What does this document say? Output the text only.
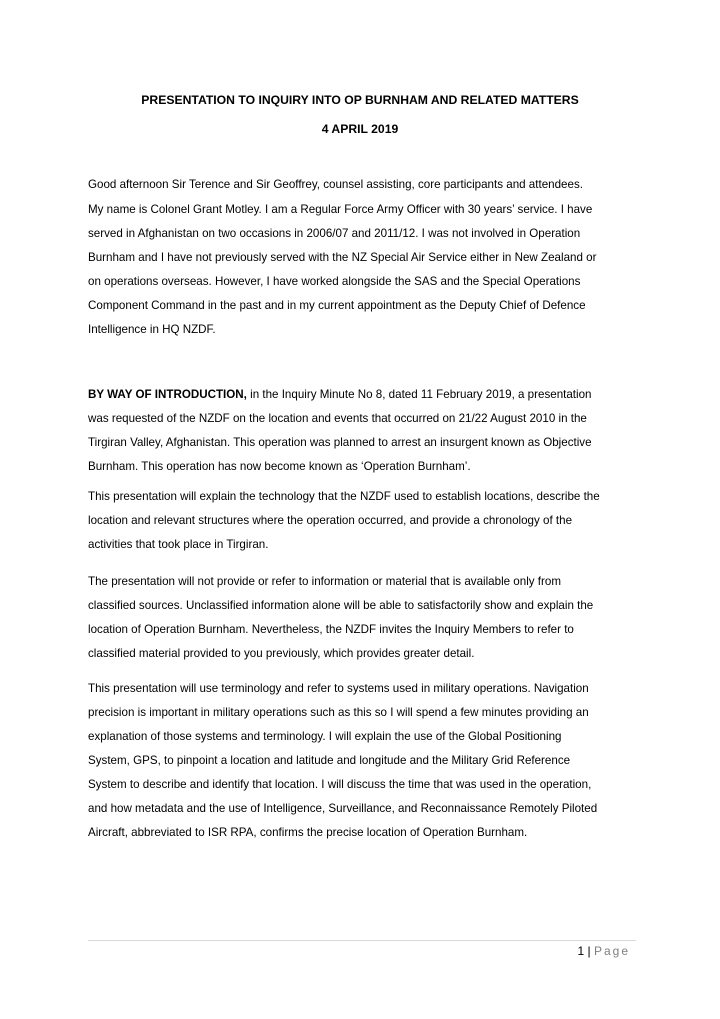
PRESENTATION TO INQUIRY INTO OP BURNHAM AND RELATED MATTERS
4 APRIL 2019
Good afternoon Sir Terence and Sir Geoffrey, counsel assisting, core participants and attendees.
My name is Colonel Grant Motley. I am a Regular Force Army Officer with 30 years’ service. I have
served in Afghanistan on two occasions in 2006/07 and 2011/12. I was not involved in Operation
Burnham and I have not previously served with the NZ Special Air Service either in New Zealand or
on operations overseas. However, I have worked alongside the SAS and the Special Operations
Component Command in the past and in my current appointment as the Deputy Chief of Defence
Intelligence in HQ NZDF.
BY WAY OF INTRODUCTION, in the Inquiry Minute No 8, dated 11 February 2019, a presentation
was requested of the NZDF on the location and events that occurred on 21/22 August 2010 in the
Tirgiran Valley, Afghanistan. This operation was planned to arrest an insurgent known as Objective
Burnham. This operation has now become known as ‘Operation Burnham’.
This presentation will explain the technology that the NZDF used to establish locations, describe the
location and relevant structures where the operation occurred, and provide a chronology of the
activities that took place in Tirgiran.
The presentation will not provide or refer to information or material that is available only from
classified sources. Unclassified information alone will be able to satisfactorily show and explain the
location of Operation Burnham. Nevertheless, the NZDF invites the Inquiry Members to refer to
classified material provided to you previously, which provides greater detail.
This presentation will use terminology and refer to systems used in military operations. Navigation
precision is important in military operations such as this so I will spend a few minutes providing an
explanation of those systems and terminology. I will explain the use of the Global Positioning
System, GPS, to pinpoint a location and latitude and longitude and the Military Grid Reference
System to describe and identify that location. I will discuss the time that was used in the operation,
and how metadata and the use of Intelligence, Surveillance, and Reconnaissance Remotely Piloted
Aircraft, abbreviated to ISR RPA, confirms the precise location of Operation Burnham.
1 | Page
